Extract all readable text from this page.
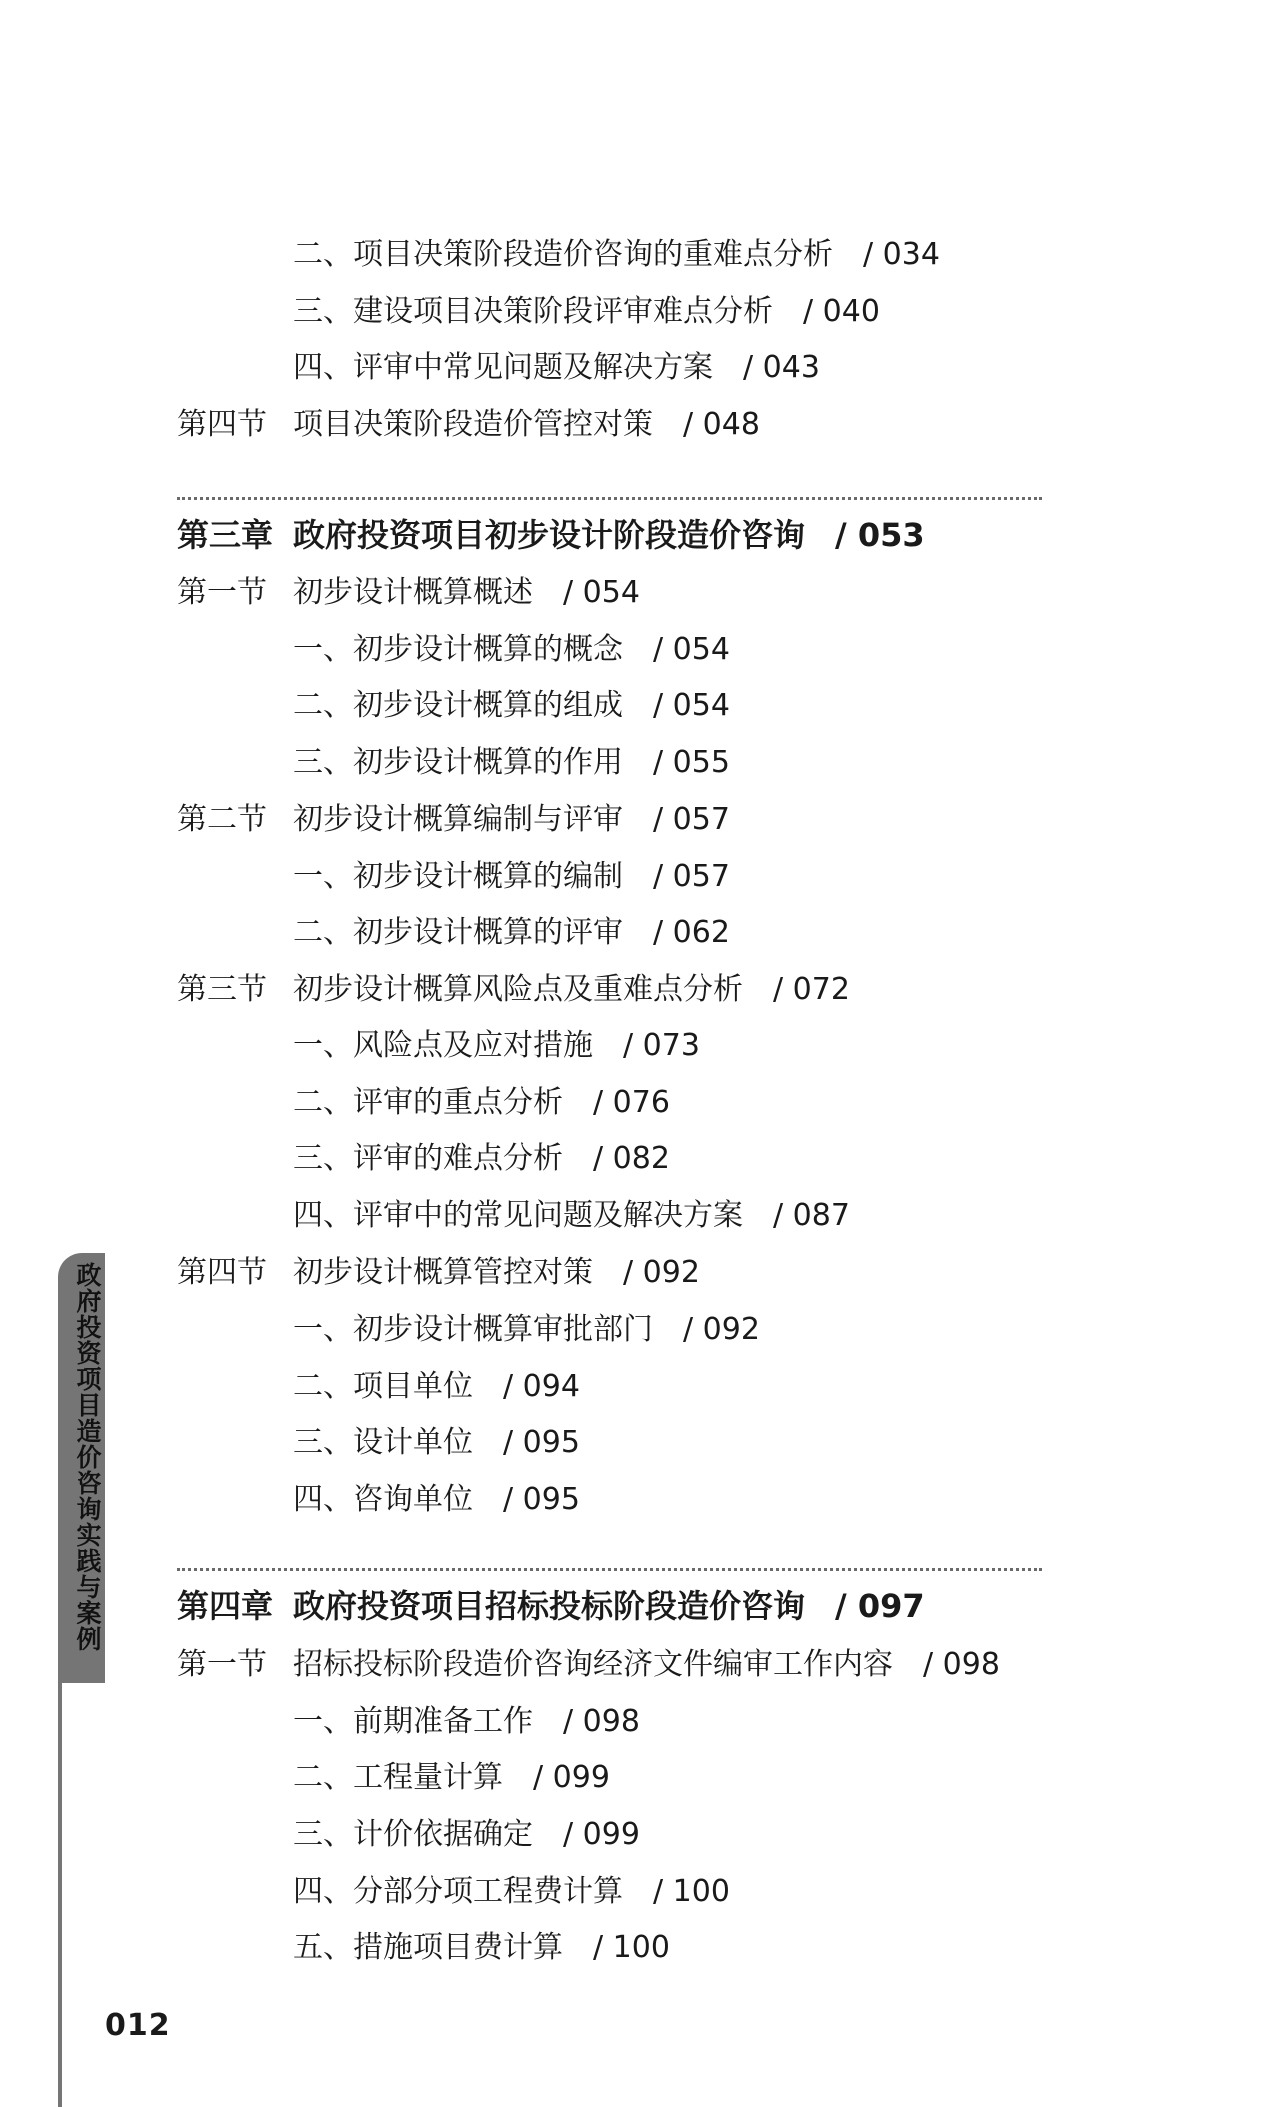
政府投资项目造价咨询实践与案例
二、项目决策阶段造价咨询的重难点分析 / 034
三、建设项目决策阶段评审难点分析 / 040
四、评审中常见问题及解决方案 / 043
第四节 项目决策阶段造价管控对策 / 048
第三章 政府投资项目初步设计阶段造价咨询 / 053
第一节 初步设计概算概述 / 054
一、初步设计概算的概念 / 054
二、初步设计概算的组成 / 054
三、初步设计概算的作用 / 055
第二节 初步设计概算编制与评审 / 057
一、初步设计概算的编制 / 057
二、初步设计概算的评审 / 062
第三节 初步设计概算风险点及重难点分析 / 072
一、风险点及应对措施 / 073
二、评审的重点分析 / 076
三、评审的难点分析 / 082
四、评审中的常见问题及解决方案 / 087
第四节 初步设计概算管控对策 / 092
一、初步设计概算审批部门 / 092
二、项目单位 / 094
三、设计单位 / 095
四、咨询单位 / 095
第四章 政府投资项目招标投标阶段造价咨询 / 097
第一节 招标投标阶段造价咨询经济文件编审工作内容 / 098
一、前期准备工作 / 098
二、工程量计算 / 099
三、计价依据确定 / 099
四、分部分项工程费计算 / 100
五、措施项目费计算 / 100
012
